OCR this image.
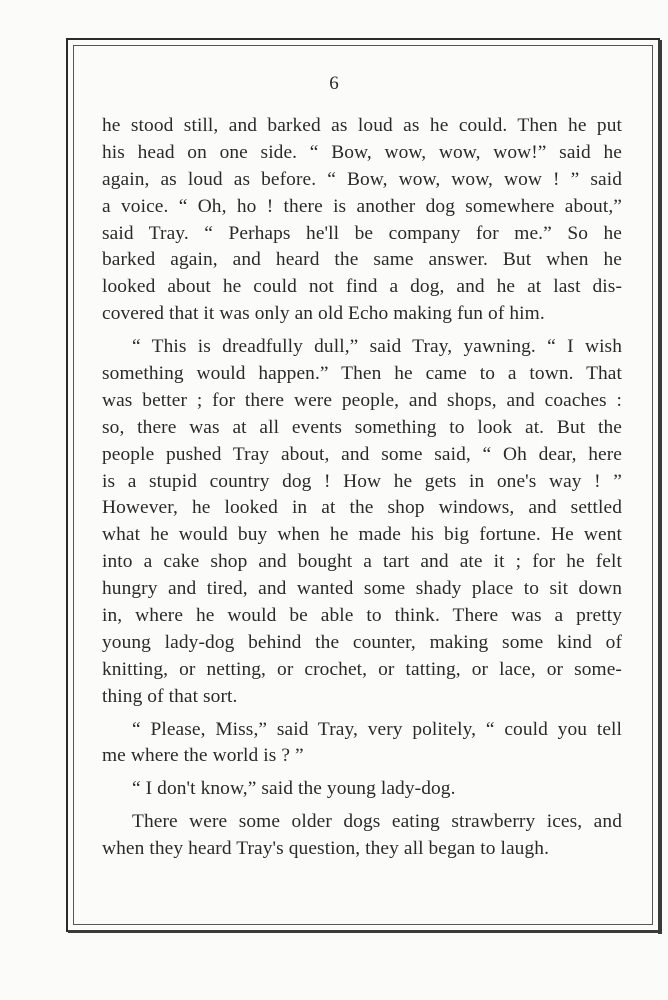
6
he stood still, and barked as loud as he could. Then he put
his head on one side. “ Bow, wow, wow, wow!” said he
again, as loud as before. “ Bow, wow, wow, wow ! ” said
a voice. “ Oh, ho ! there is another dog somewhere about,”
said Tray. “ Perhaps he'll be company for me.” So he
barked again, and heard the same answer. But when he
looked about he could not find a dog, and he at last dis-
covered that it was only an old Echo making fun of him.
“ This is dreadfully dull,” said Tray, yawning. “ I wish
something would happen.” Then he came to a town. That
was better ; for there were people, and shops, and coaches :
so, there was at all events something to look at. But the
people pushed Tray about, and some said, “ Oh dear, here
is a stupid country dog ! How he gets in one's way ! ”
However, he looked in at the shop windows, and settled
what he would buy when he made his big fortune. He went
into a cake shop and bought a tart and ate it ; for he felt
hungry and tired, and wanted some shady place to sit down
in, where he would be able to think. There was a pretty
young lady-dog behind the counter, making some kind of
knitting, or netting, or crochet, or tatting, or lace, or some-
thing of that sort.
“ Please, Miss,” said Tray, very politely, “ could you tell
me where the world is ? ”
“ I don't know,” said the young lady-dog.
There were some older dogs eating strawberry ices, and
when they heard Tray's question, they all began to laugh.
